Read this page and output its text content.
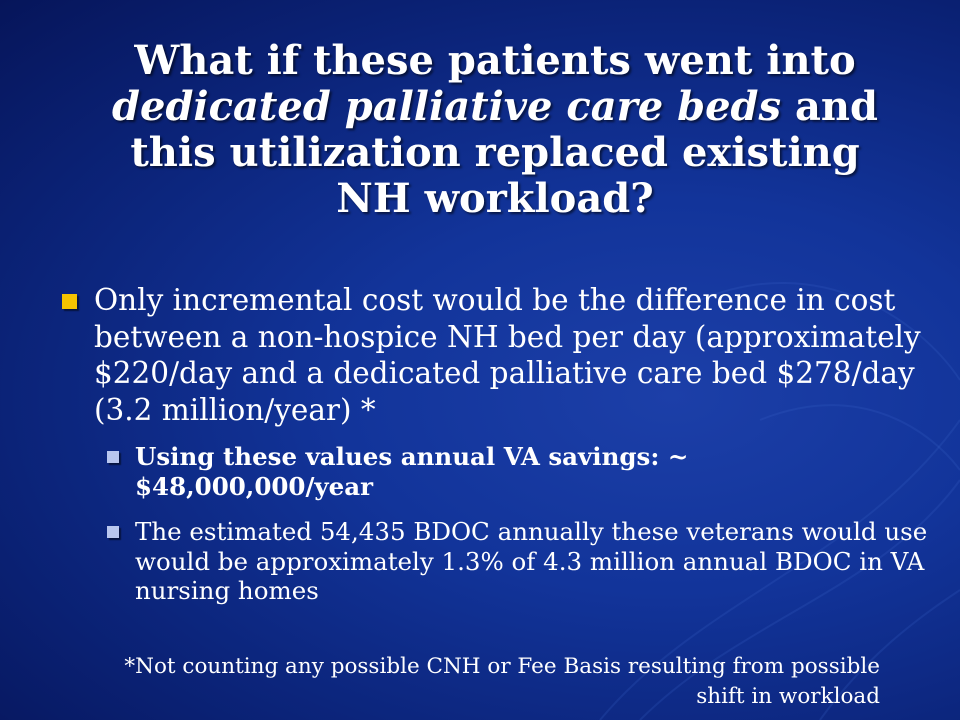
What if these patients went into dedicated palliative care beds and this utilization replaced existing NH workload?
Only incremental cost would be the difference in cost between a non-hospice NH bed per day (approximately $220/day and a dedicated palliative care bed $278/day (3.2 million/year) *
Using these values annual VA savings: ~ $48,000,000/year
The estimated 54,435 BDOC annually these veterans would use would be approximately 1.3% of 4.3 million annual BDOC in VA nursing homes
*Not counting any possible CNH or Fee Basis resulting from possible shift in workload
